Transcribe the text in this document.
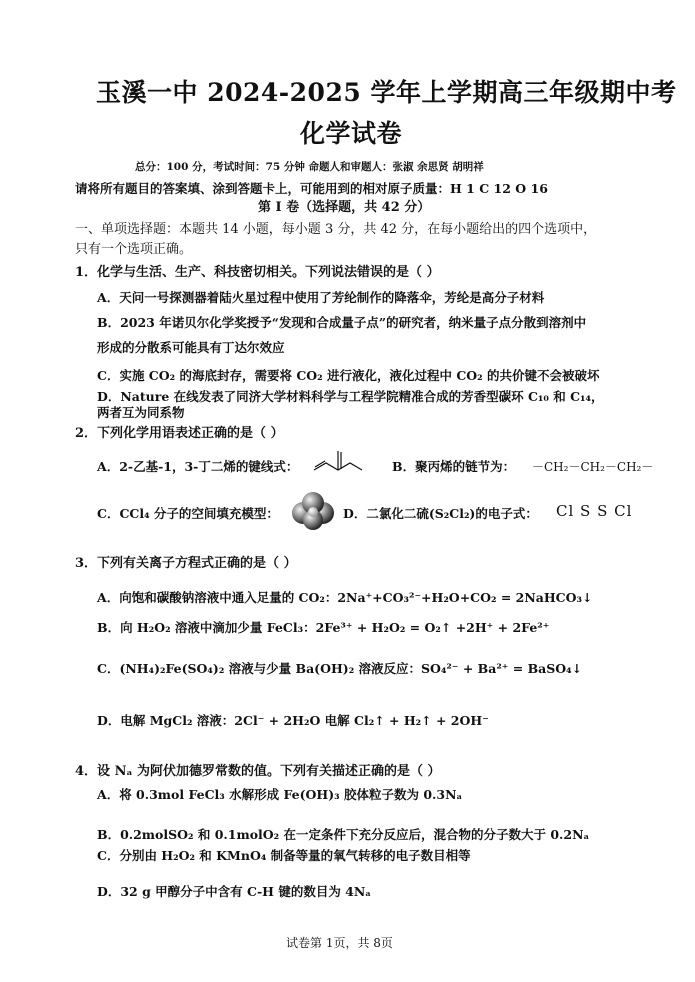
玉溪一中 2024-2025 学年上学期高三年级期中考
化学试卷
总分：100 分，考试时间：75 分钟 命题人和审题人：张淑 余思贤 胡明祥
请将所有题目的答案填、涂到答题卡上，可能用到的相对原子质量：H 1 C 12 O 16
第 I 卷（选择题，共 42 分）
一、单项选择题：本题共 14 小题，每小题 3 分，共 42 分，在每小题给出的四个选项中，
只有一个选项正确。
1．化学与生活、生产、科技密切相关。下列说法错误的是（ ）
A．天问一号探测器着陆火星过程中使用了芳纶制作的降落伞，芳纶是高分子材料
B．2023 年诺贝尔化学奖授予“发现和合成量子点”的研究者，纳米量子点分散到溶剂中
形成的分散系可能具有丁达尔效应
C．实施 CO₂ 的海底封存，需要将 CO₂ 进行液化，液化过程中 CO₂ 的共价键不会被破坏
D．Nature 在线发表了同济大学材料科学与工程学院精准合成的芳香型碳环 C₁₀ 和 C₁₄，
两者互为同系物
2．下列化学用语表述正确的是（ ）
A．2-乙基-1，3-丁二烯的键线式：	B．聚丙烯的链节为： －CH₂－CH₂－CH₂－
C．CCl₄ 分子的空间填充模型：	D．二氯化二硫(S₂Cl₂)的电子式： Cl S S Cl
3．下列有关离子方程式正确的是（ ）
A．向饱和碳酸钠溶液中通入足量的 CO₂：2Na⁺+CO₃²⁻+H₂O+CO₂ = 2NaHCO₃↓
B．向 H₂O₂ 溶液中滴加少量 FeCl₃：2Fe³⁺ + H₂O₂ = O₂↑ +2H⁺ + 2Fe²⁺
C．(NH₄)₂Fe(SO₄)₂ 溶液与少量 Ba(OH)₂ 溶液反应：SO₄²⁻ + Ba²⁺ = BaSO₄↓
D．电解 MgCl₂ 溶液：2Cl⁻ + 2H₂O 电解 Cl₂↑ + H₂↑ + 2OH⁻
4．设 Nₐ 为阿伏加德罗常数的值。下列有关描述正确的是（ ）
A．将 0.3mol FeCl₃ 水解形成 Fe(OH)₃ 胶体粒子数为 0.3Nₐ
B．0.2molSO₂ 和 0.1molO₂ 在一定条件下充分反应后，混合物的分子数大于 0.2Nₐ
C．分别由 H₂O₂ 和 KMnO₄ 制备等量的氧气转移的电子数目相等
D．32 g 甲醇分子中含有 C-H 键的数目为 4Nₐ
试卷第 1页，共 8页
